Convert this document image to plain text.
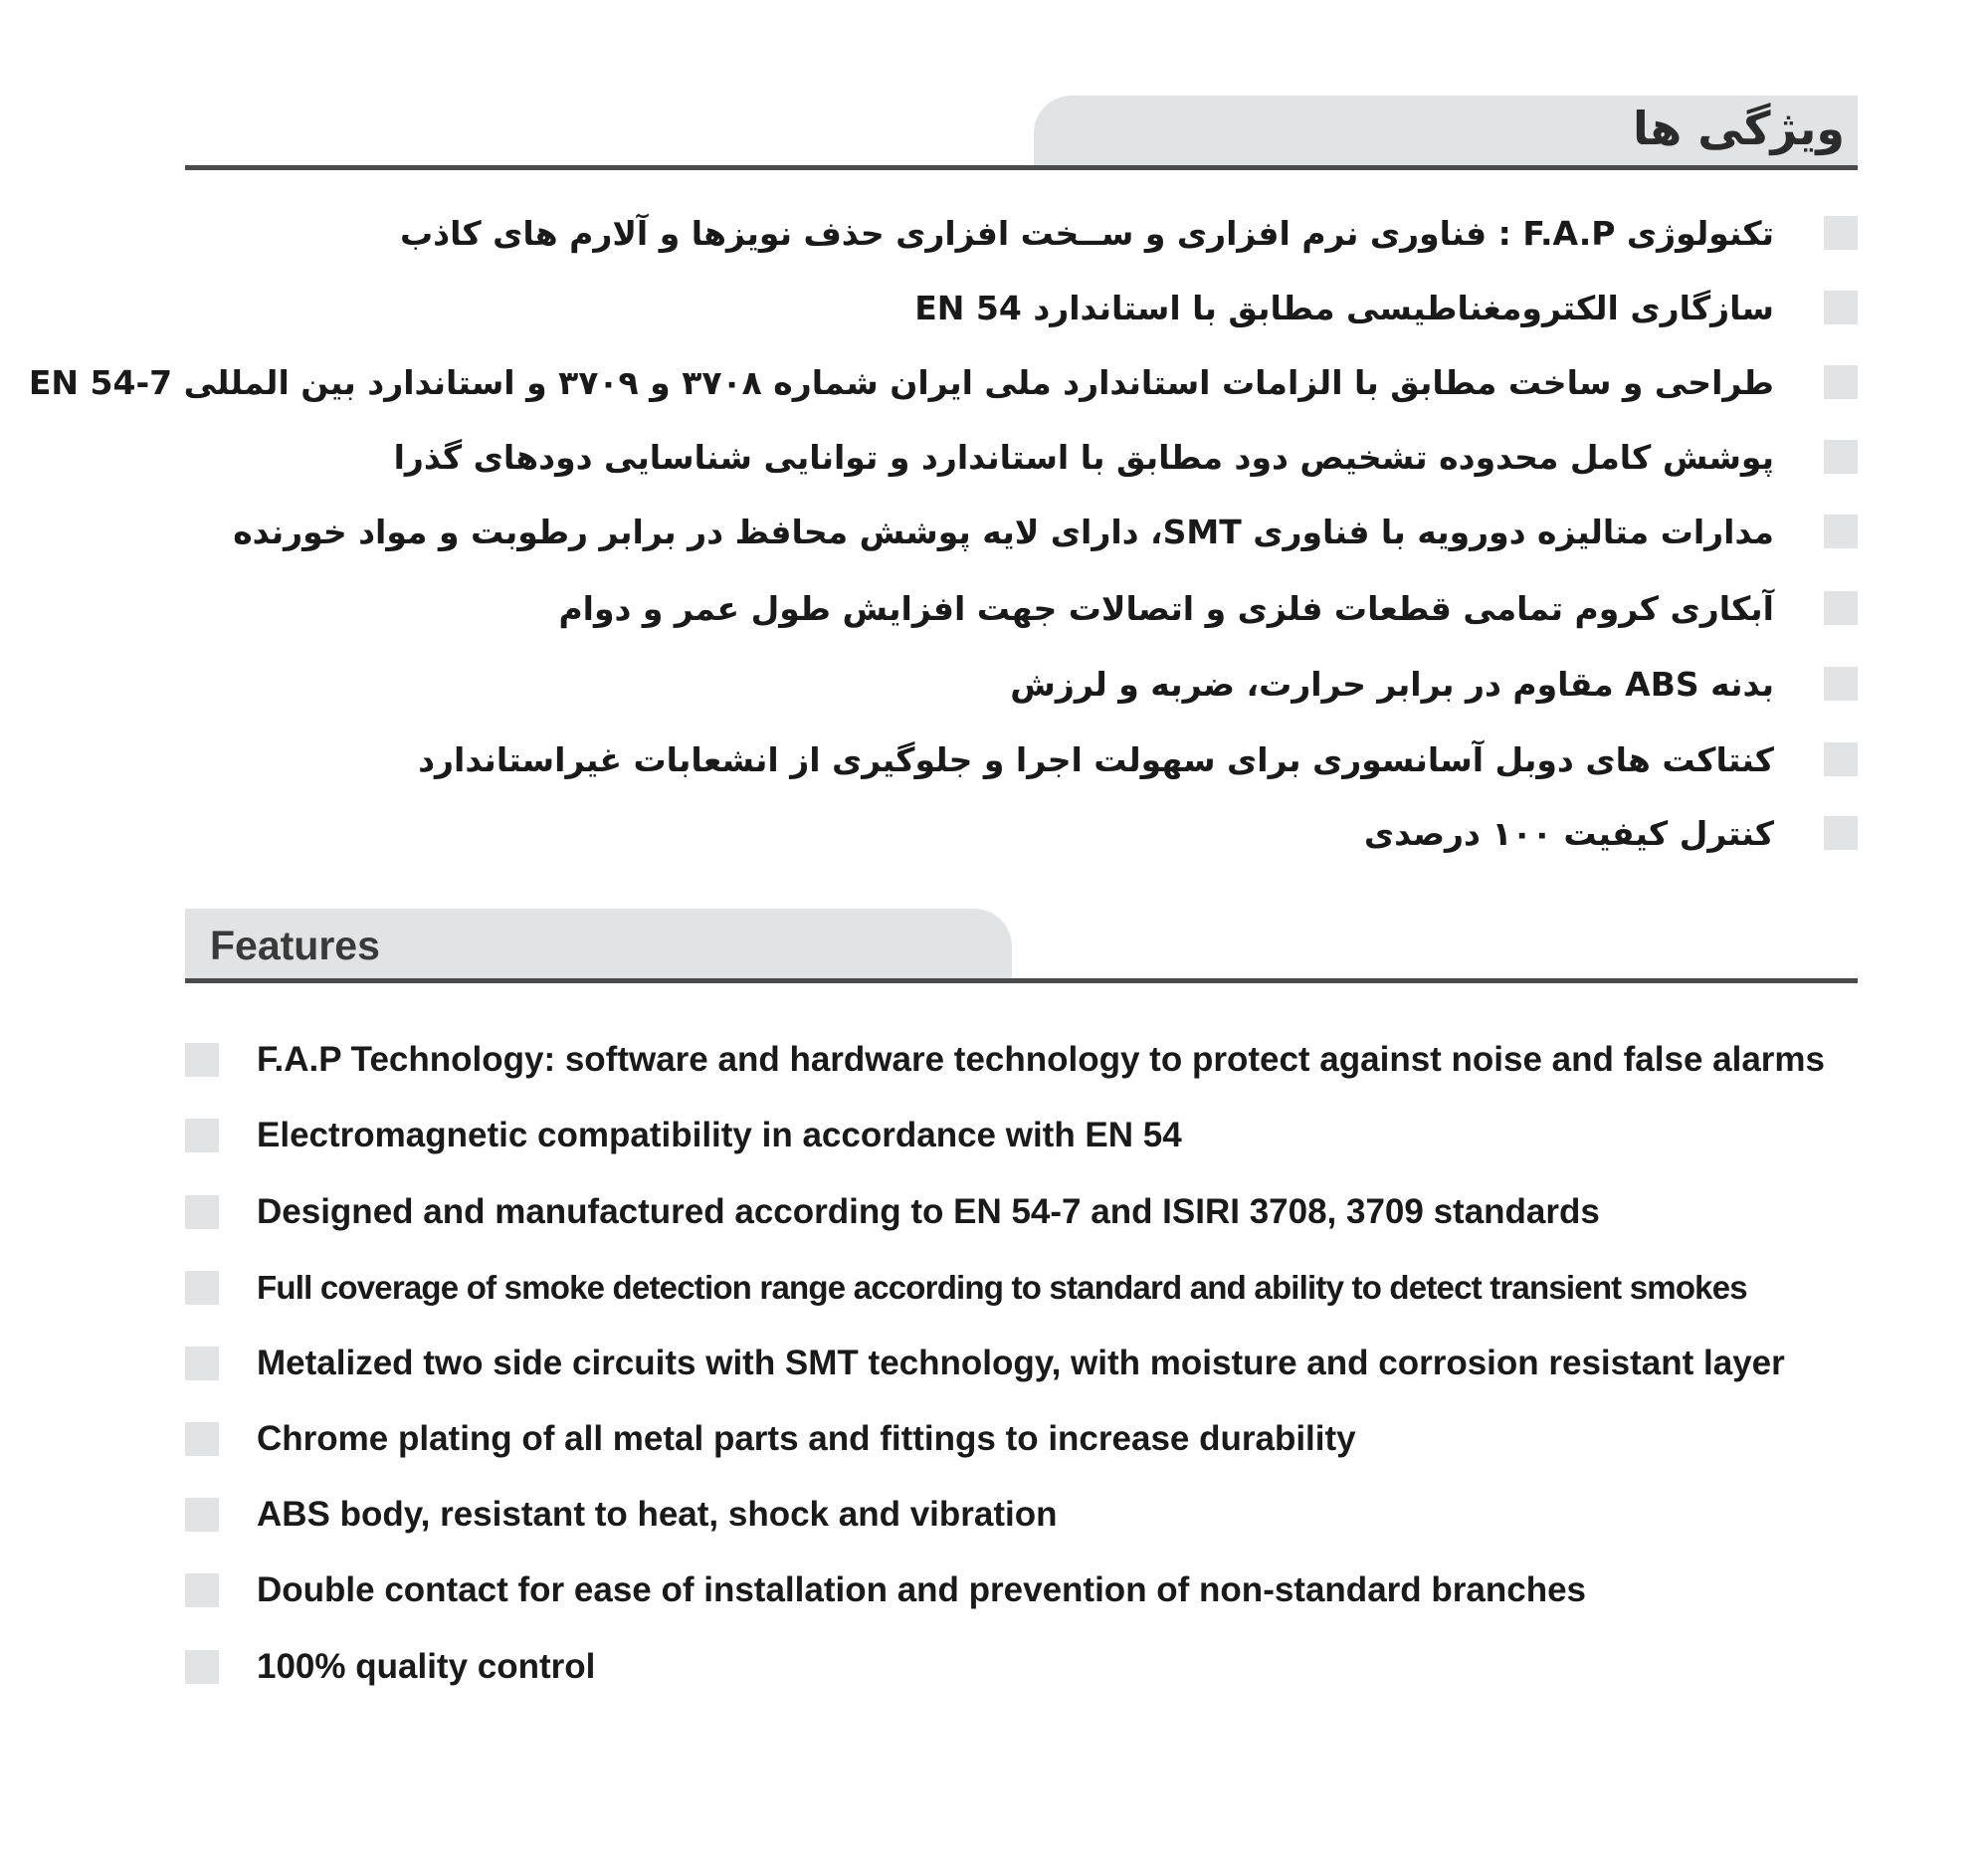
ویژگی ها
تکنولوژی F.A.P : فناوری نرم افزاری و ســخت افزاری حذف نویزها و آلارم های کاذب
سازگاری الکترومغناطیسی مطابق با استاندارد EN 54
طراحی و ساخت مطابق با الزامات استاندارد ملی ایران شماره ۳۷۰۸ و ۳۷۰۹ و استاندارد بین المللی EN 54-7
پوشش کامل محدوده تشخیص دود مطابق با استاندارد و توانایی شناسایی دودهای گذرا
مدارات متالیزه دورویه با فناوری SMT، دارای لایه پوشش محافظ در برابر رطوبت و مواد خورنده
آبکاری کروم تمامی قطعات فلزی و اتصالات جهت افزایش طول عمر و دوام
بدنه ABS مقاوم در برابر حرارت، ضربه و لرزش
کنتاکت های دوبل آسانسوری برای سهولت اجرا و جلوگیری از انشعابات غیراستاندارد
کنترل کیفیت ۱۰۰ درصدی
Features
F.A.P Technology: software and hardware technology to protect against noise and false alarms
Electromagnetic compatibility in accordance with EN 54
Designed and manufactured according to EN 54-7 and ISIRI 3708, 3709 standards
Full coverage of smoke detection range according to standard and ability to detect transient smokes
Metalized two side circuits with SMT technology, with moisture and corrosion resistant layer
Chrome plating of all metal parts and fittings to increase durability
ABS body, resistant to heat, shock and vibration
Double contact for ease of installation and prevention of non-standard branches
100% quality control
